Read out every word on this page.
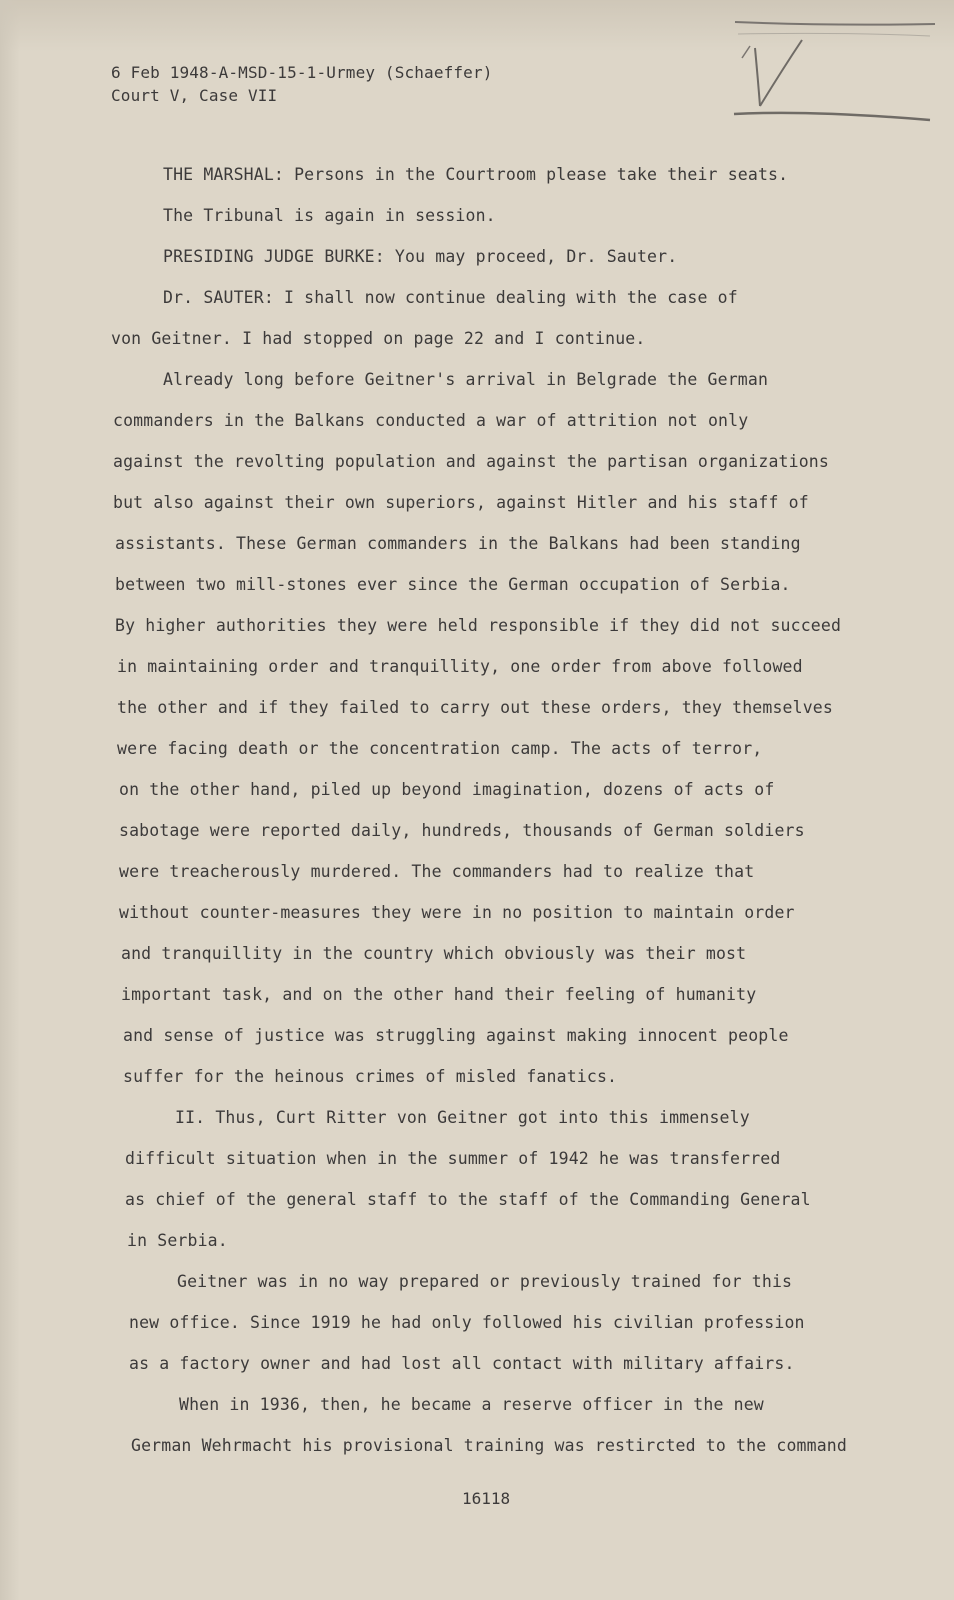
6 Feb 1948-A-MSD-15-1-Urmey (Schaeffer)
Court V, Case VII
THE MARSHAL: Persons in the Courtroom please take their seats.
The Tribunal is again in session.
PRESIDING JUDGE BURKE: You may proceed, Dr. Sauter.
Dr. SAUTER: I shall now continue dealing with the case of
von Geitner. I had stopped on page 22 and I continue.
Already long before Geitner's arrival in Belgrade the German
commanders in the Balkans conducted a war of attrition not only
against the revolting population and against the partisan organizations
but also against their own superiors, against Hitler and his staff of
assistants. These German commanders in the Balkans had been standing
between two mill-stones ever since the German occupation of Serbia.
By higher authorities they were held responsible if they did not succeed
in maintaining order and tranquillity, one order from above followed
the other and if they failed to carry out these orders, they themselves
were facing death or the concentration camp. The acts of terror,
on the other hand, piled up beyond imagination, dozens of acts of
sabotage were reported daily, hundreds, thousands of German soldiers
were treacherously murdered. The commanders had to realize that
without counter-measures they were in no position to maintain order
and tranquillity in the country which obviously was their most
important task, and on the other hand their feeling of humanity
and sense of justice was struggling against making innocent people
suffer for the heinous crimes of misled fanatics.
II. Thus, Curt Ritter von Geitner got into this immensely
difficult situation when in the summer of 1942 he was transferred
as chief of the general staff to the staff of the Commanding General
in Serbia.
Geitner was in no way prepared or previously trained for this
new office. Since 1919 he had only followed his civilian profession
as a factory owner and had lost all contact with military affairs.
When in 1936, then, he became a reserve officer in the new
German Wehrmacht his provisional training was restircted to the command
16118
